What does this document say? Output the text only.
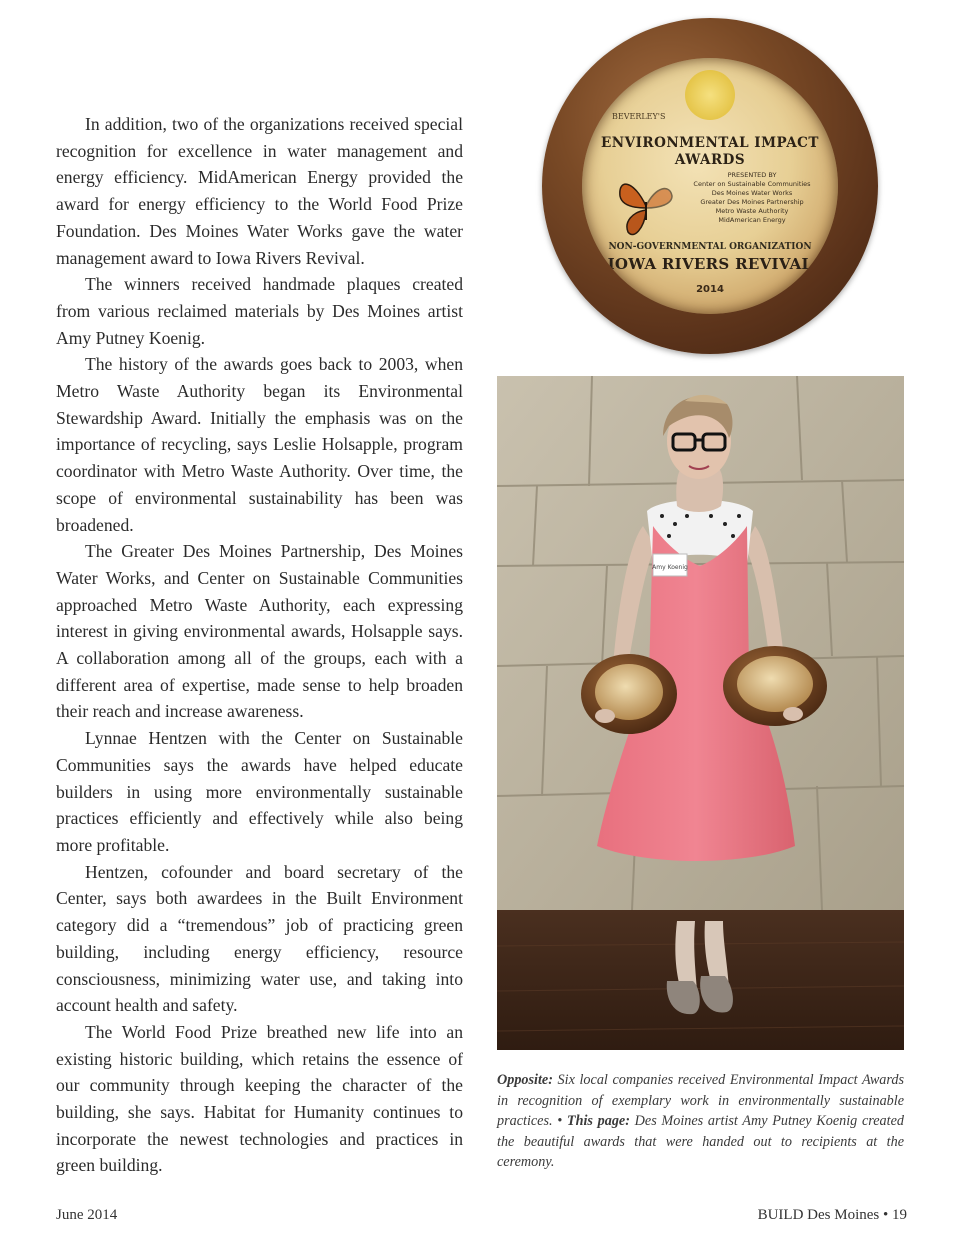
In addition, two of the organizations received special recognition for excellence in water management and energy efficiency. MidAmerican Energy provided the award for energy efficiency to the World Food Prize Foundation. Des Moines Water Works gave the water management award to Iowa Rivers Revival.

The winners received handmade plaques created from various reclaimed materials by Des Moines artist Amy Putney Koenig.

The history of the awards goes back to 2003, when Metro Waste Authority began its Environmental Stewardship Award. Initially the emphasis was on the importance of recycling, says Leslie Holsapple, program coordinator with Metro Waste Authority. Over time, the scope of environmental sustainability has been was broadened.

The Greater Des Moines Partnership, Des Moines Water Works, and Center on Sustainable Communities approached Metro Waste Authority, each expressing interest in giving environmental awards, Holsapple says. A collaboration among all of the groups, each with a different area of expertise, made sense to help broaden their reach and increase awareness.

Lynnae Hentzen with the Center on Sustainable Communities says the awards have helped educate builders in using more environmentally sustainable practices efficiently and effectively while also being more profitable.

Hentzen, cofounder and board secretary of the Center, says both awardees in the Built Environment category did a “tremendous” job of practicing green building, including energy efficiency, resource consciousness, minimizing water use, and taking into account health and safety.

The World Food Prize breathed new life into an existing historic building, which retains the essence of our community through keeping the character of the building, she says. Habitat for Humanity continues to incorporate the newest technologies and practices in green building.

BEVERLEY'S
ENVIRONMENTAL IMPACT
AWARDS
PRESENTED BY
Center on Sustainable Communities
Des Moines Water Works
Greater Des Moines Partnership
Metro Waste Authority
MidAmerican Energy
NON-GOVERNMENTAL ORGANIZATION
IOWA RIVERS REVIVAL
2014
Amy Koenig
Opposite: Six local companies received Environmental Impact Awards in recognition of exemplary work in environmentally sustainable practices. • This page: Des Moines artist Amy Putney Koenig created the beautiful awards that were handed out to recipients at the ceremony.
June 2014	BUILD Des Moines • 19
